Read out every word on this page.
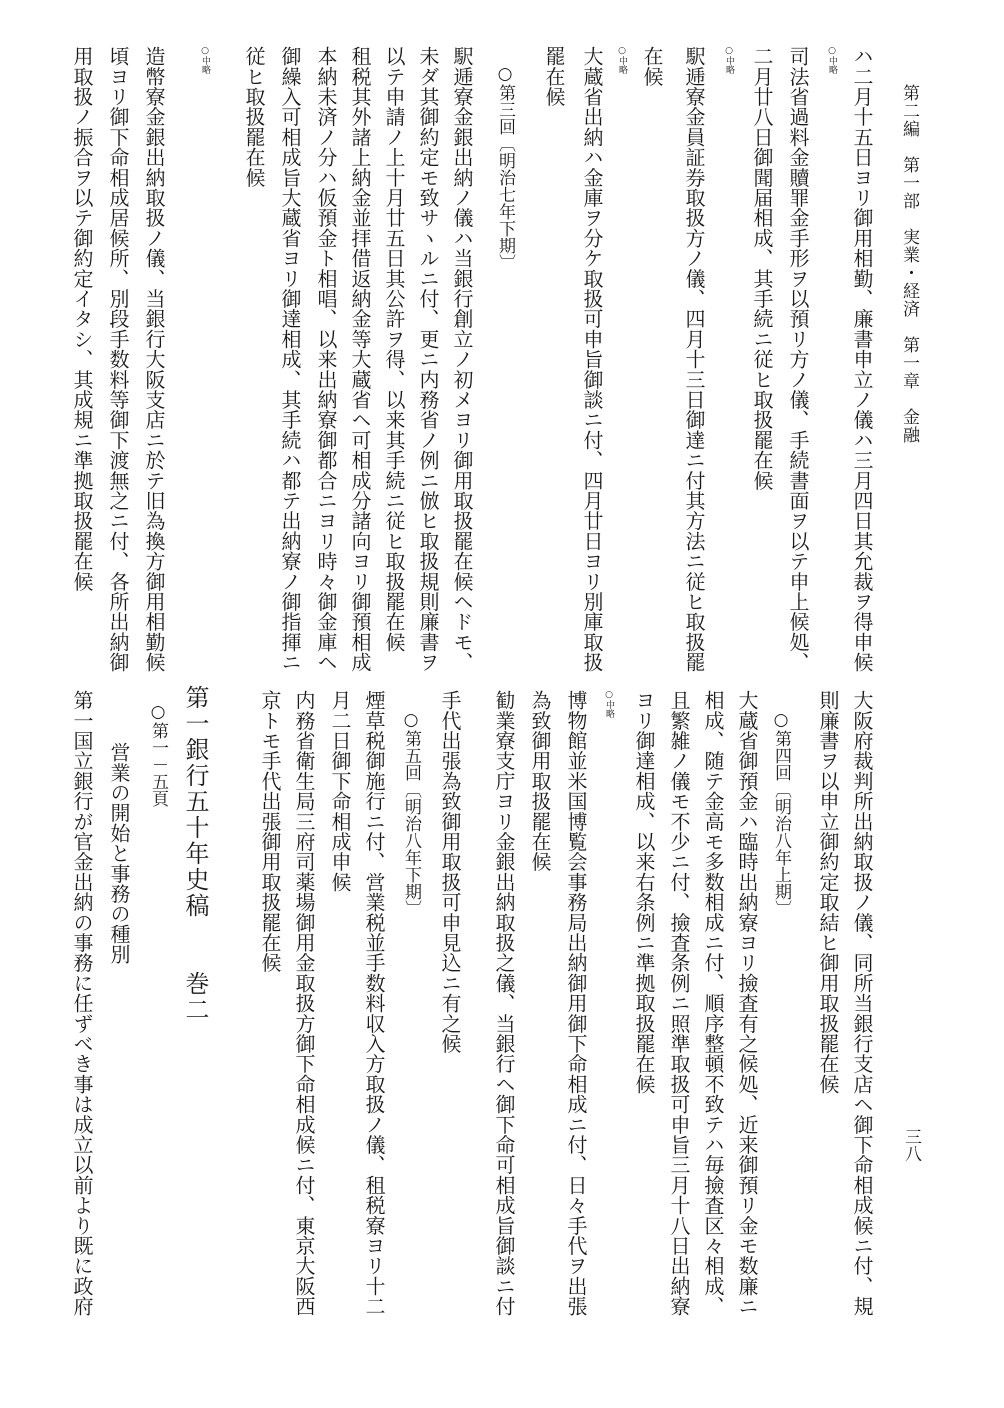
第二編　第一部　実業・経済　第一章　金融
三八
ハ二月十五日ヨリ御用相勤、廉書申立ノ儀ハ三月四日其允裁ヲ得申候
○中略
司法省過料金贖罪金手形ヲ以預リ方ノ儀、手続書面ヲ以テ申上候処、
二月廿八日御聞届相成、其手続ニ従ヒ取扱罷在候
○中略
駅逓寮金員証券取扱方ノ儀、四月十三日御達ニ付其方法ニ従ヒ取扱罷
在候
○中略
大蔵省出納ハ金庫ヲ分ケ取扱可申旨御談ニ付、四月廿日ヨリ別庫取扱
罷在候
○第三回〔明治七年下期〕
駅逓寮金銀出納ノ儀ハ当銀行創立ノ初メヨリ御用取扱罷在候ヘドモ、
未ダ其御約定モ致サヽルニ付、更ニ内務省ノ例ニ倣ヒ取扱規則廉書ヲ
以テ申請ノ上十月廿五日其公許ヲ得、以来其手続ニ従ヒ取扱罷在候
租税其外諸上納金並拝借返納金等大蔵省ヘ可相成分諸向ヨリ御預相成
本納未済ノ分ハ仮預金ト相唱、以来出納寮御都合ニヨリ時々御金庫ヘ
御繰入可相成旨大蔵省ヨリ御達相成、其手続ハ都テ出納寮ノ御指揮ニ
従ヒ取扱罷在候
○中略
造幣寮金銀出納取扱ノ儀、当銀行大阪支店ニ於テ旧為換方御用相勤候
頃ヨリ御下命相成居候所、別段手数料等御下渡無之ニ付、各所出納御
用取扱ノ振合ヲ以テ御約定イタシ、其成規ニ準拠取扱罷在候
大阪府裁判所出納取扱ノ儀、同所当銀行支店ヘ御下命相成候ニ付、規
則廉書ヲ以申立御約定取結ヒ御用取扱罷在候
○第四回〔明治八年上期〕
大蔵省御預金ハ臨時出納寮ヨリ撿査有之候処、近来御預リ金モ数廉ニ
相成、随テ金高モ多数相成ニ付、順序整頓不致テハ毎撿査区々相成、
且繁雑ノ儀モ不少ニ付、撿査条例ニ照準取扱可申旨三月十八日出納寮
ヨリ御達相成、以来右条例ニ準拠取扱罷在候
○中略
博物館並米国博覧会事務局出納御用御下命相成ニ付、日々手代ヲ出張
為致御用取扱罷在候
勧業寮支庁ヨリ金銀出納取扱之儀、当銀行ヘ御下命可相成旨御談ニ付
手代出張為致御用取扱可申見込ニ有之候
○第五回〔明治八年下期〕
煙草税御施行ニ付、営業税並手数料収入方取扱ノ儀、租税寮ヨリ十二
月二日御下命相成申候
内務省衛生局三府司薬場御用金取扱方御下命相成候ニ付、東京大阪西
京トモ手代出張御用取扱罷在候
第一銀行五十年史稿　　巻二
○第一－五頁
営業の開始と事務の種別
第一国立銀行が官金出納の事務に任ずべき事は成立以前より既に政府
